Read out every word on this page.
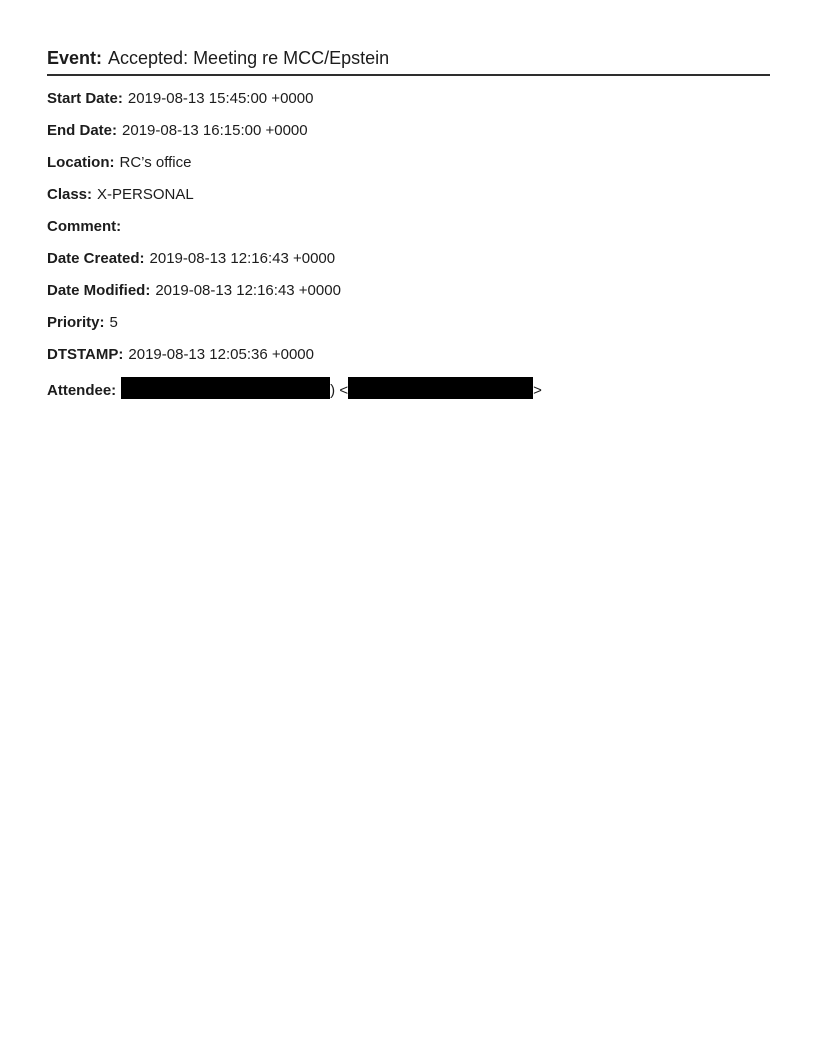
Event: Accepted: Meeting re MCC/Epstein

Start Date: 2019-08-13 15:45:00 +0000

End Date: 2019-08-13 16:15:00 +0000

Location: RC’s office

Class: X-PERSONAL

Comment:

Date Created: 2019-08-13 12:16:43 +0000

Date Modified: 2019-08-13 12:16:43 +0000

Priority: 5

DTSTAMP: 2019-08-13 12:05:36 +0000

Attendee:	) <	>
